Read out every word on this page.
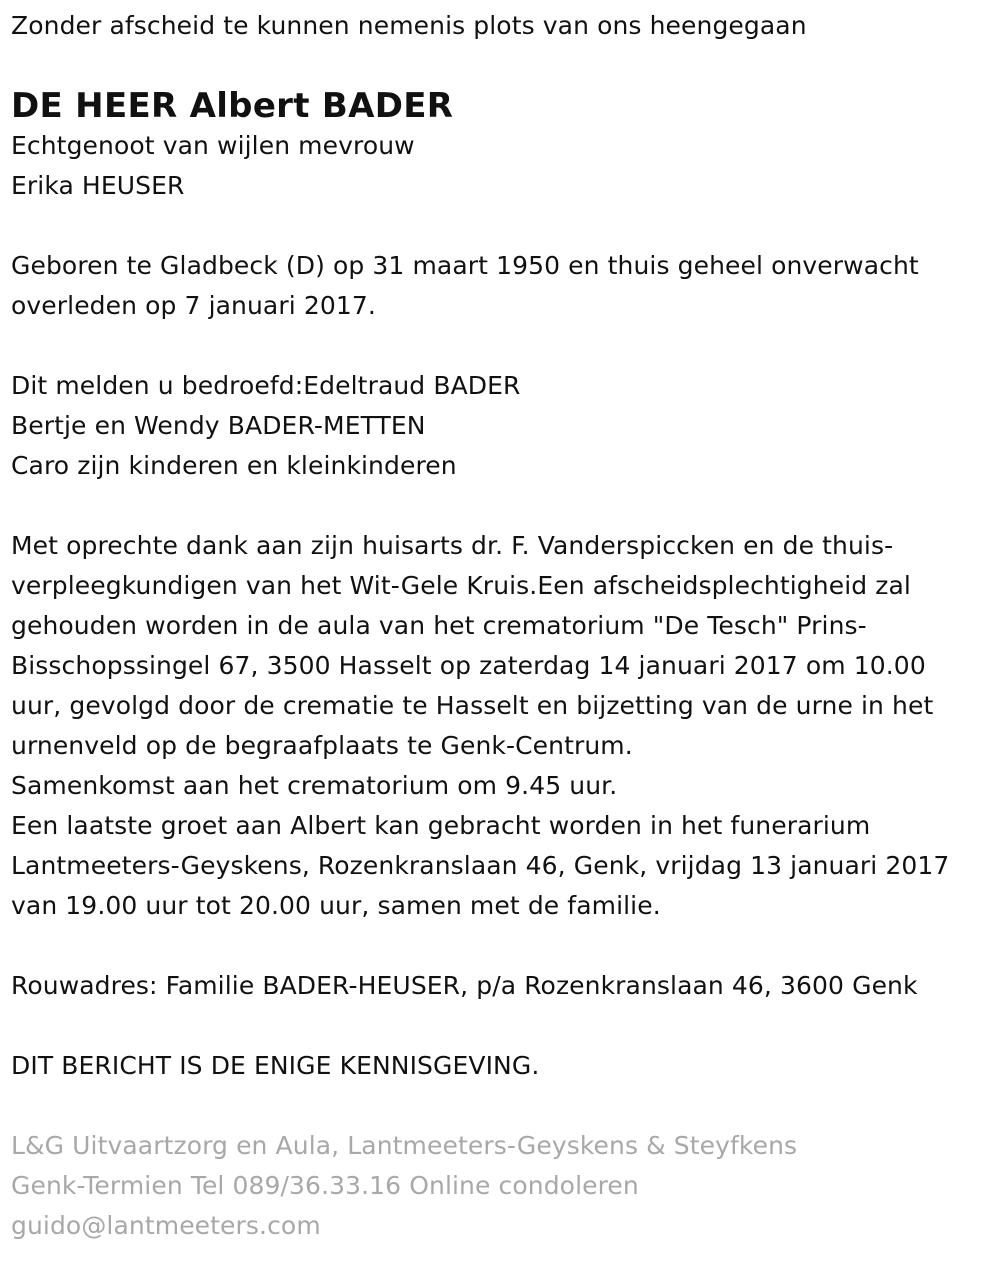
Zonder afscheid te kunnen nemenis plots van ons heengegaan
DE HEER Albert BADER
Echtgenoot van wijlen mevrouw
Erika HEUSER
Geboren te Gladbeck (D) op 31 maart 1950 en thuis geheel onverwacht
overleden op 7 januari 2017.
Dit melden u bedroefd:Edeltraud BADER
Bertje en Wendy BADER-METTEN
Caro zijn kinderen en kleinkinderen
Met oprechte dank aan zijn huisarts dr. F. Vanderspiccken en de thuis-
verpleegkundigen van het Wit-Gele Kruis.Een afscheidsplechtigheid zal
gehouden worden in de aula van het crematorium "De Tesch" Prins-
Bisschopssingel 67, 3500 Hasselt op zaterdag 14 januari 2017 om 10.00
uur, gevolgd door de crematie te Hasselt en bijzetting van de urne in het
urnenveld op de begraafplaats te Genk-Centrum.
Samenkomst aan het crematorium om 9.45 uur.
Een laatste groet aan Albert kan gebracht worden in het funerarium
Lantmeeters-Geyskens, Rozenkranslaan 46, Genk, vrijdag 13 januari 2017
van 19.00 uur tot 20.00 uur, samen met de familie.
Rouwadres: Familie BADER-HEUSER, p/a Rozenkranslaan 46, 3600 Genk
DIT BERICHT IS DE ENIGE KENNISGEVING.
L&G Uitvaartzorg en Aula, Lantmeeters-Geyskens & Steyfkens
Genk-Termien Tel 089/36.33.16 Online condoleren
guido@lantmeeters.com
